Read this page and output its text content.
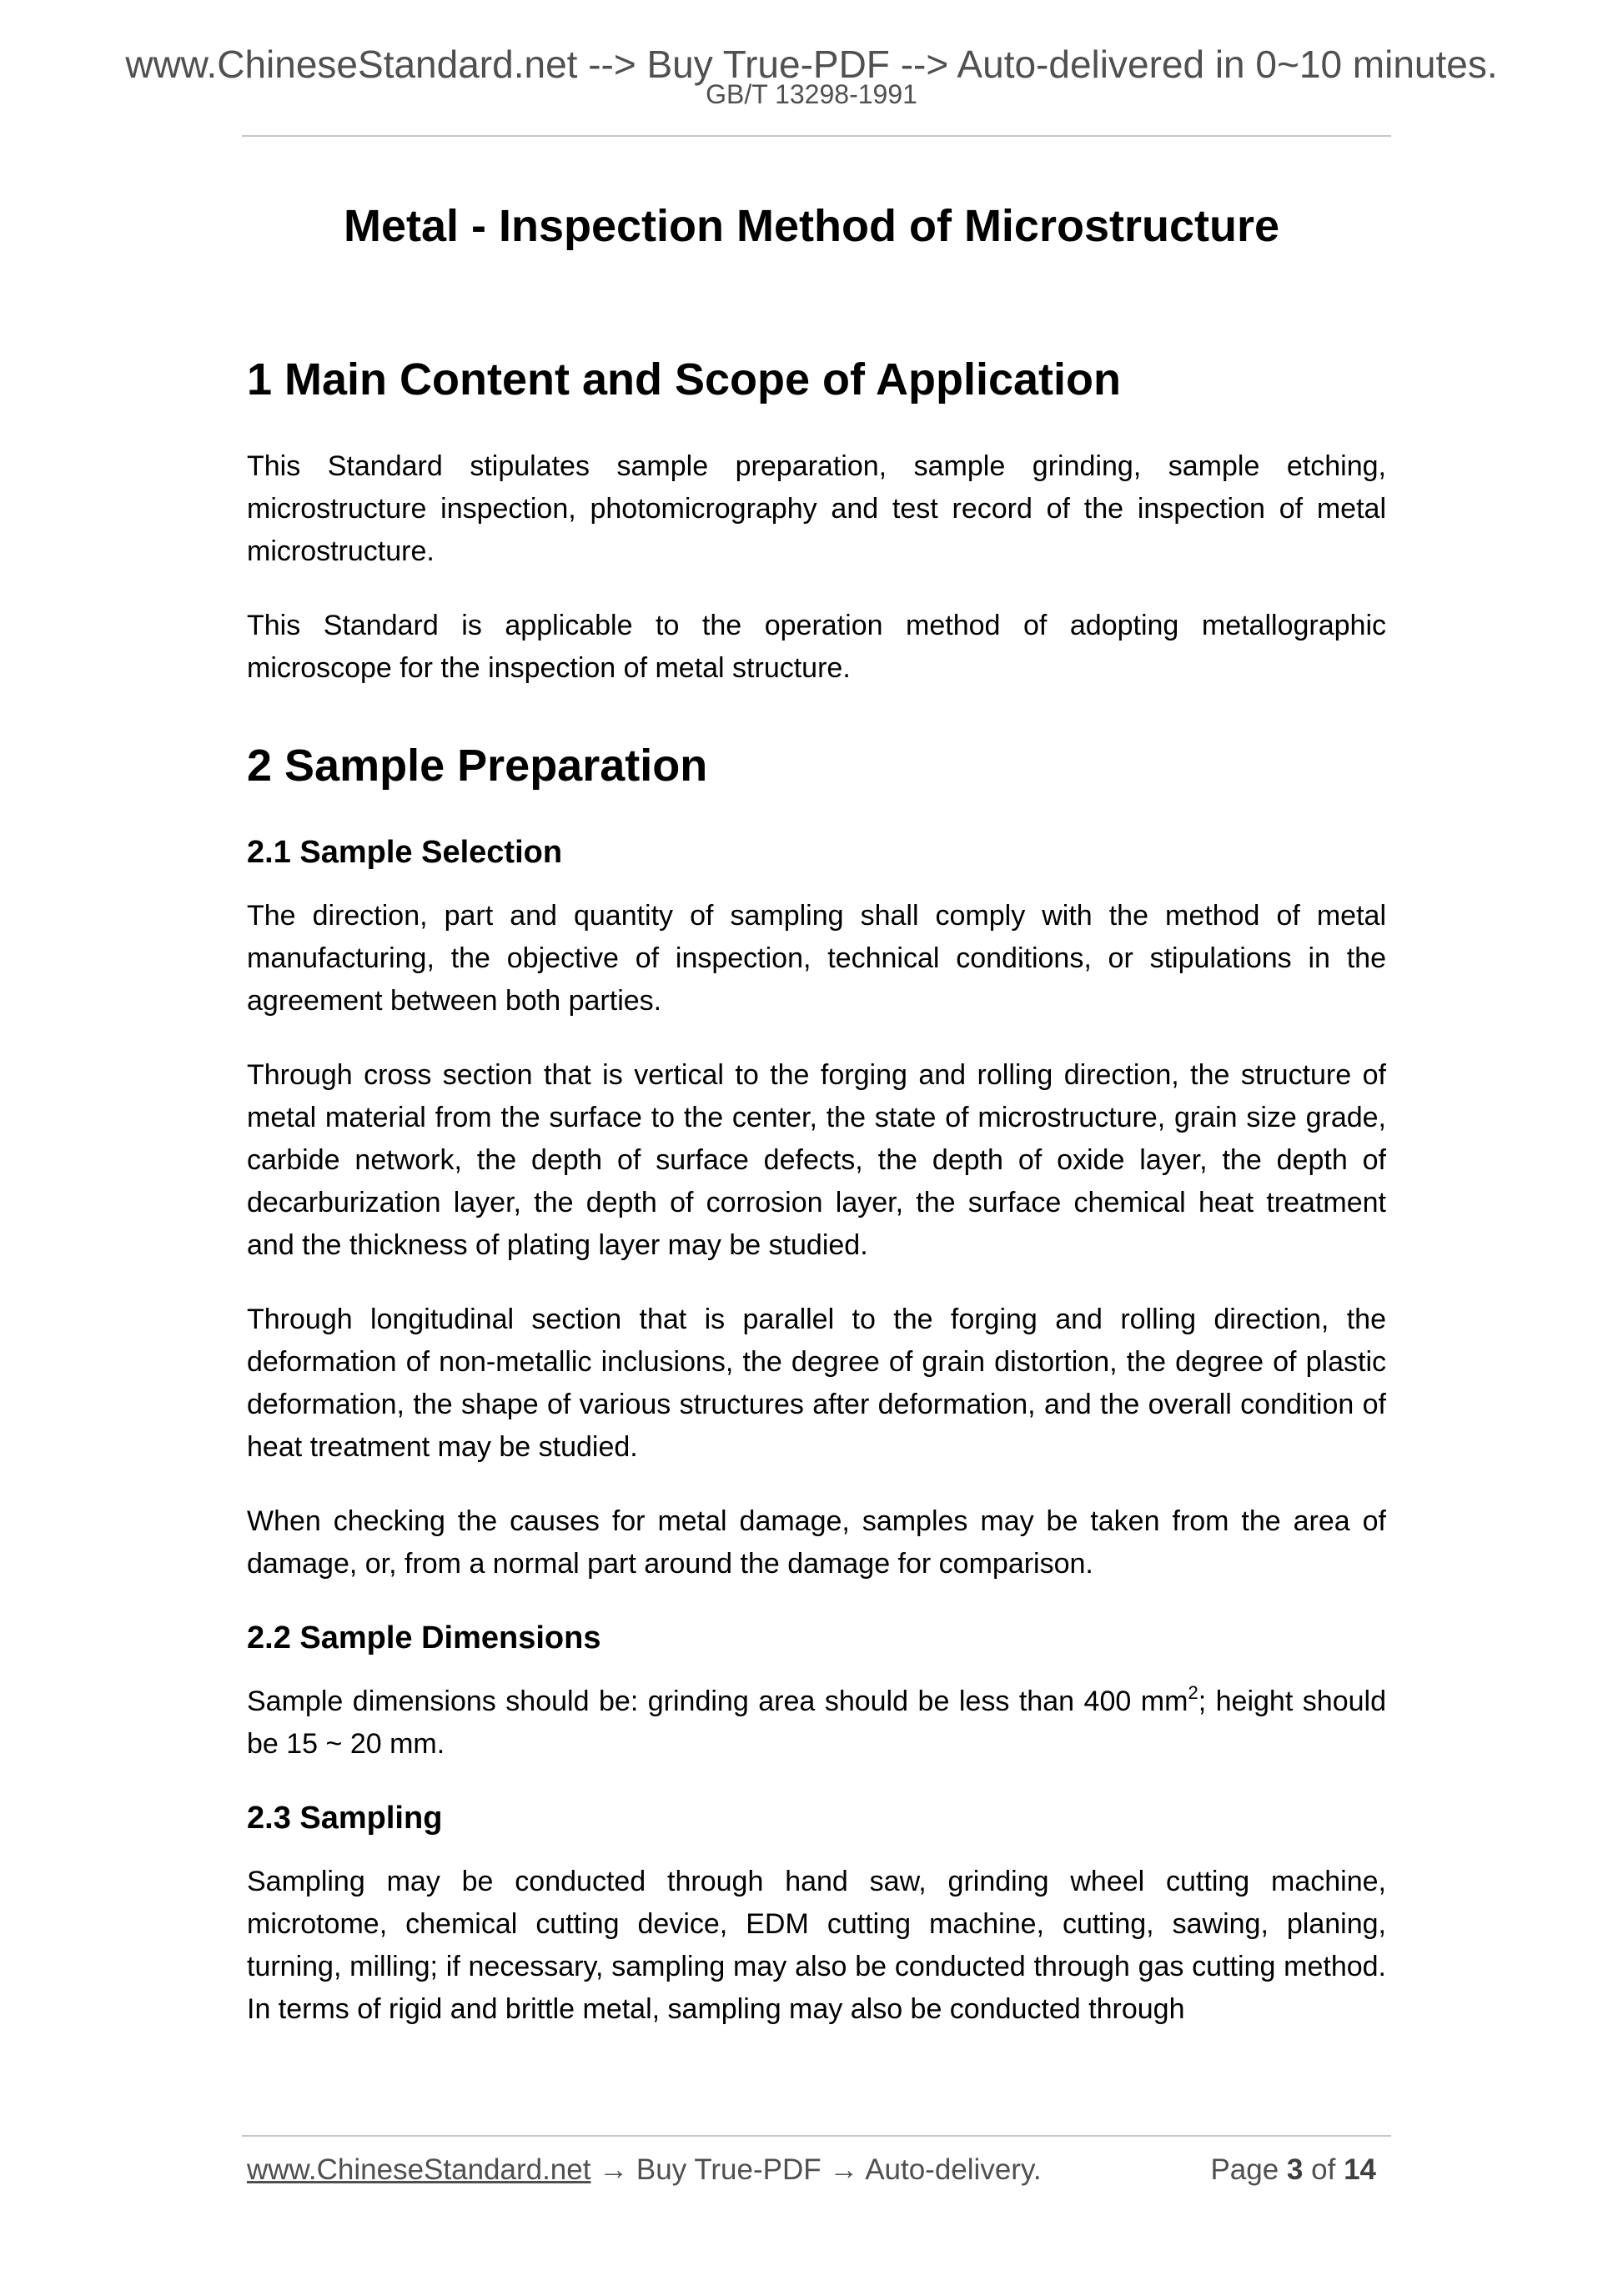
www.ChineseStandard.net --> Buy True-PDF --> Auto-delivered in 0~10 minutes.
GB/T 13298-1991
Metal - Inspection Method of Microstructure
1 Main Content and Scope of Application

This Standard stipulates sample preparation, sample grinding, sample etching, microstructure inspection, photomicrography and test record of the inspection of metal microstructure.

This Standard is applicable to the operation method of adopting metallographic microscope for the inspection of metal structure.

2 Sample Preparation
2.1 Sample Selection

The direction, part and quantity of sampling shall comply with the method of metal manufacturing, the objective of inspection, technical conditions, or stipulations in the agreement between both parties.

Through cross section that is vertical to the forging and rolling direction, the structure of metal material from the surface to the center, the state of microstructure, grain size grade, carbide network, the depth of surface defects, the depth of oxide layer, the depth of decarburization layer, the depth of corrosion layer, the surface chemical heat treatment and the thickness of plating layer may be studied.

Through longitudinal section that is parallel to the forging and rolling direction, the deformation of non-metallic inclusions, the degree of grain distortion, the degree of plastic deformation, the shape of various structures after deformation, and the overall condition of heat treatment may be studied.

When checking the causes for metal damage, samples may be taken from the area of damage, or, from a normal part around the damage for comparison.

2.2 Sample Dimensions

Sample dimensions should be: grinding area should be less than 400 $mm^2$; height should be 15 ~ 20 mm.

2.3 Sampling

Sampling may be conducted through hand saw, grinding wheel cutting machine, microtome, chemical cutting device, EDM cutting machine, cutting, sawing, planing, turning, milling; if necessary, sampling may also be conducted through gas cutting method. In terms of rigid and brittle metal, sampling may also be conducted through

www.ChineseStandard.net → Buy True-PDF → Auto-delivery.	Page 3 of 14
